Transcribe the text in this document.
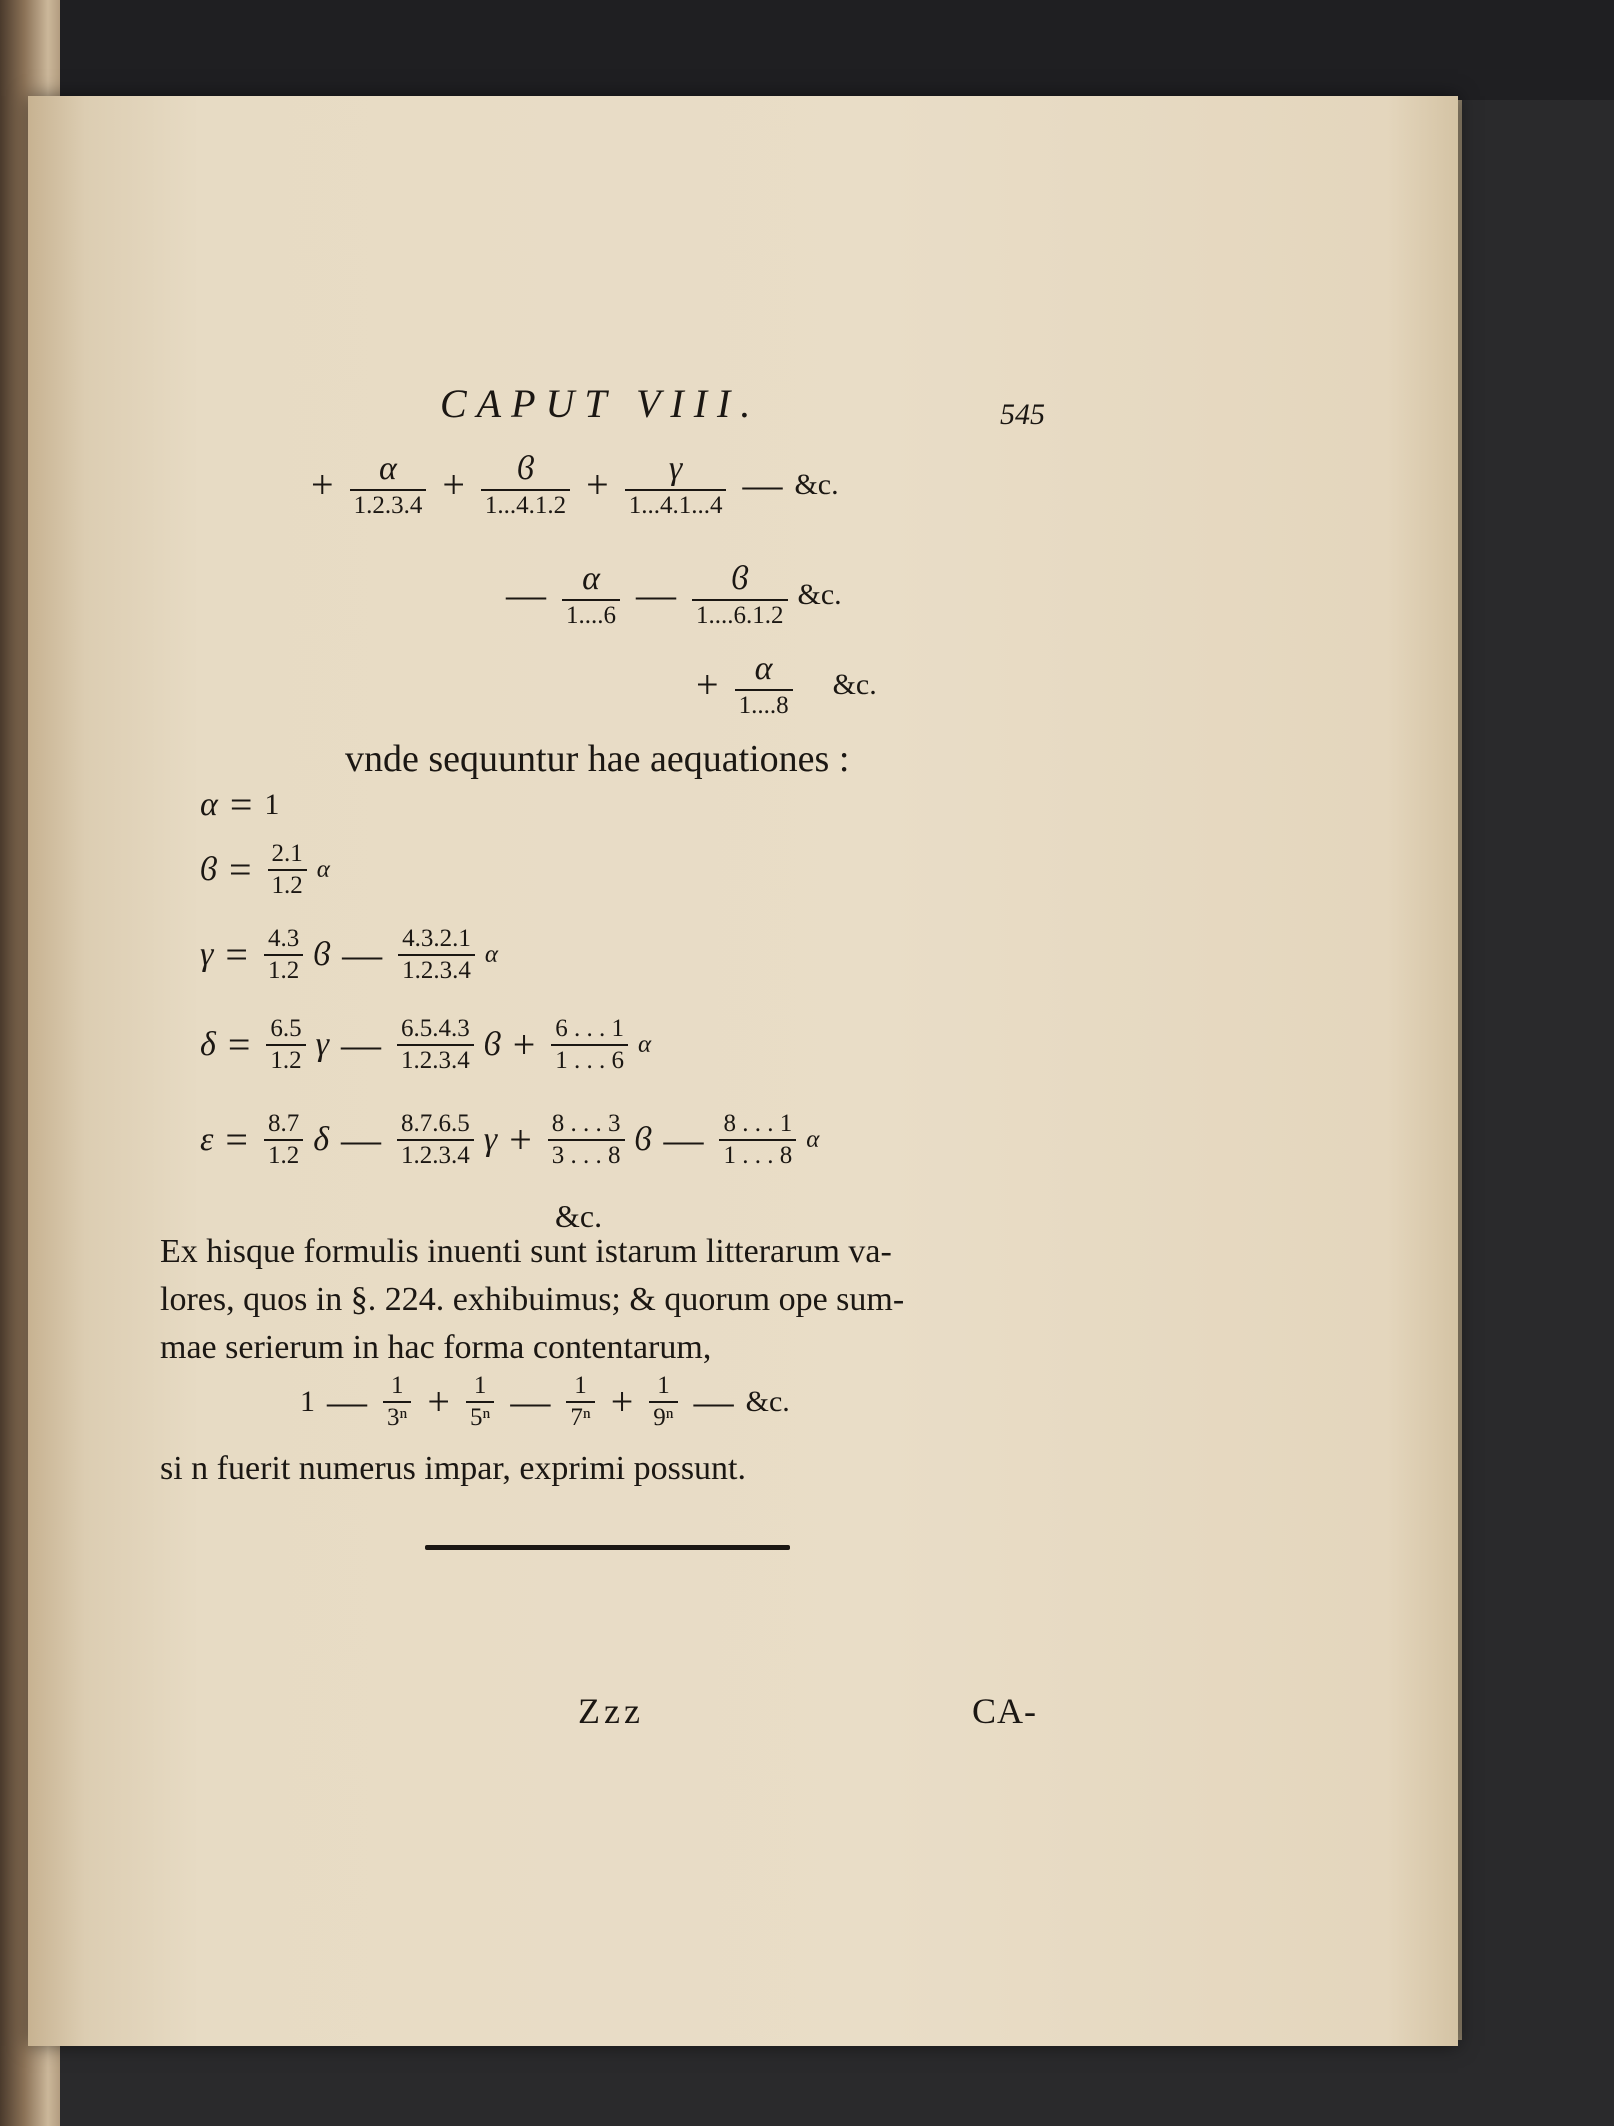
CAPUT VIII.	545
+ $\frac{\alpha}{1.2.3.4} + \frac{ϐ}{1...4.1.2} + \frac{\gamma}{1...4.1...4}$ — &c.
— $\frac{\alpha}{1....6}$ — $\frac{ϐ}{1....6.1.2}$ &c.
+ $\frac{\alpha}{1....8}$ &c.
vnde sequuntur hae aequationes :
α = 1
$ϐ = \frac{2.1}{1.2}$ α
$\gamma = \frac{4.3}{1.2}$ ϐ — $\frac{4.3.2.1}{1.2.3.4}$ α
$\delta = \frac{6.5}{1.2}$ γ — $\frac{6.5.4.3}{1.2.3.4}$ $ϐ + \frac{6 . . . 1}{1 . . . 6}$ α
$\varepsilon = \frac{8.7}{1.2}$ δ — $\frac{8.7.6.5}{1.2.3.4}$ $\gamma + \frac{8 . . . 3}{3 . . . 8}$ ϐ — $\frac{8 . . . 1}{1 . . . 8}$ α
&c.
Ex hisque formulis inuenti sunt istarum litterarum va-
lores, quos in §. 224. exhibuimus; & quorum ope sum-
mae serierum in hac forma contentarum,
1 — $\frac{1}{\text{3ⁿ}} + \frac{1}{\text{5ⁿ}}$ — $\frac{1}{\text{7ⁿ}} + \frac{1}{\text{9ⁿ}}$ — &c.
si n fuerit numerus impar, exprimi possunt.
Zzz	CA-
